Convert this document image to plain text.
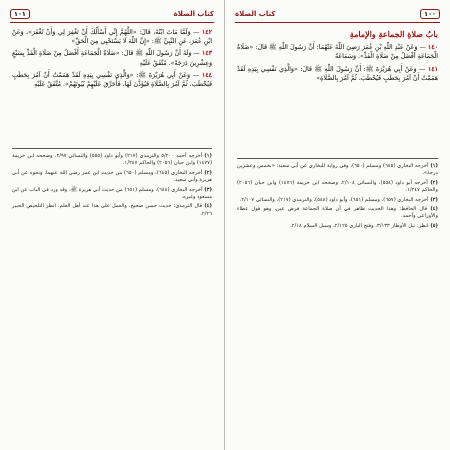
كتاب الصلاة
١٠١

١٤٢ — وَلَمَّا مَاتَ ابْنُهُ، قَالَ: «اللَّهُمَّ إِنِّي أَسْأَلُكَ أَنْ تَغْفِرَ لِي وَأَنْ تُغْفَرَ»، وَعَنْ ابْنِ عُمَرَ، عَنِ النَّبِيِّ ﷺ: «إِنَّ اللّٰهَ لَا يَسْتَحْيِي مِنَ الْحَقِّ»

١٤٣ — وَلَهُ أَنَّ رَسُولَ اللّٰهِ ﷺ قَالَ: «صَلَاةُ الْجَمَاعَةِ أَفْضَلُ مِنْ صَلَاةِ الْفَذِّ بِسَبْعٍ وَعِشْرِينَ دَرَجَةً». مُتَّفَقٌ عَلَيْهِ

١٤٤ — وَعَنْ أَبِي هُرَيْرَةَ ﷺ: «وَالَّذِي نَفْسِي بِيَدِهِ لَقَدْ هَمَمْتُ أَنْ آمُرَ بِحَطَبٍ فَيُحْطَبَ، ثُمَّ آمُرَ بِالصَّلَاةِ فَيُؤَذَّنَ لَهَا، فَأُحَرِّقَ عَلَيْهِمْ بُيُوتَهُمْ». مُتَّفَقٌ عَلَيْهِ

(١) أخرجه أحمد ٥/٢٠٠ والترمذي (٢١٧) وأبو داود (٥٥٥) والنسائي ٢/٩٧، وصححه ابن خزيمة (١٤٧٧) وابن حبان (٢٠٥٦) والحاكم ١/٢٤٧.

(٢) أخرجه البخاري (٦٤٥)، ومسلم (٦٥٠) من حديث ابن عمر رضي الله عنهما، ونحوه عن أبي هريرة وأبي سعيد.

(٣) أخرجه البخاري (٦٤٤)، ومسلم (٦٥١) من حديث أبي هريرة ﷺ، وقد ورد في الباب عن ابن مسعود وغيره.

(٤) قال الترمذي: حديث حسن صحيح، والعمل على هذا عند أهل العلم. انظر التلخيص الحبير ٢/٢٦.

١٠٠
كتاب الصلاة
بابُ صلاةِ الجماعةِ والإمامةِ

١٤٠ — وَعَنْ عَبْدِ اللّٰهِ بْنِ عُمَرَ رَضِيَ اللّٰهُ عَنْهُمَا: أَنَّ رَسُولَ اللّٰهِ ﷺ قَالَ: «صَلَاةُ الْجَمَاعَةِ أَفْضَلُ مِنْ صَلَاةِ الْفَذِّ». وَسَمَاعَةُ

١٤١ — وَعَنْ أَبِي هُرَيْرَةَ ﷺ: أَنَّ رَسُولَ اللّٰهِ ﷺ قَالَ: «وَالَّذِي نَفْسِي بِيَدِهِ لَقَدْ هَمَمْتُ أَنْ آمُرَ بِحَطَبٍ فَيُحْطَبَ، ثُمَّ آمُرَ بِالصَّلَاةِ»

(١) أخرجه البخاري (٦٤٥) ومسلم (٦٥٠)، وفي رواية للبخاري عن أبي سعيد: «بخمس وعشرين درجة».

(٢) أخرجه أبو داود (٥٥٤)، والنسائي ٢/١٠٤، وصححه ابن خزيمة (١٤٧٦) وابن حبان (٢٠٥٦) والحاكم ١/٢٤٧.

(٣) أخرجه البخاري (٦٥٧)، ومسلم (٦٥١)، وأبو داود (٥٤٨)، والترمذي (٢١٧)، والنسائي ٢/١٠٧.

(٤) قال الحافظ: وهذا الحديث ظاهر في أن صلاة الجماعة فرض عين، وهو قول عطاء والأوزاعي وأحمد.

(٥) انظر: نيل الأوطار ٣/١٣٣، وفتح الباري ٢/١٢٥، وسبل السلام ٢/١٨.
